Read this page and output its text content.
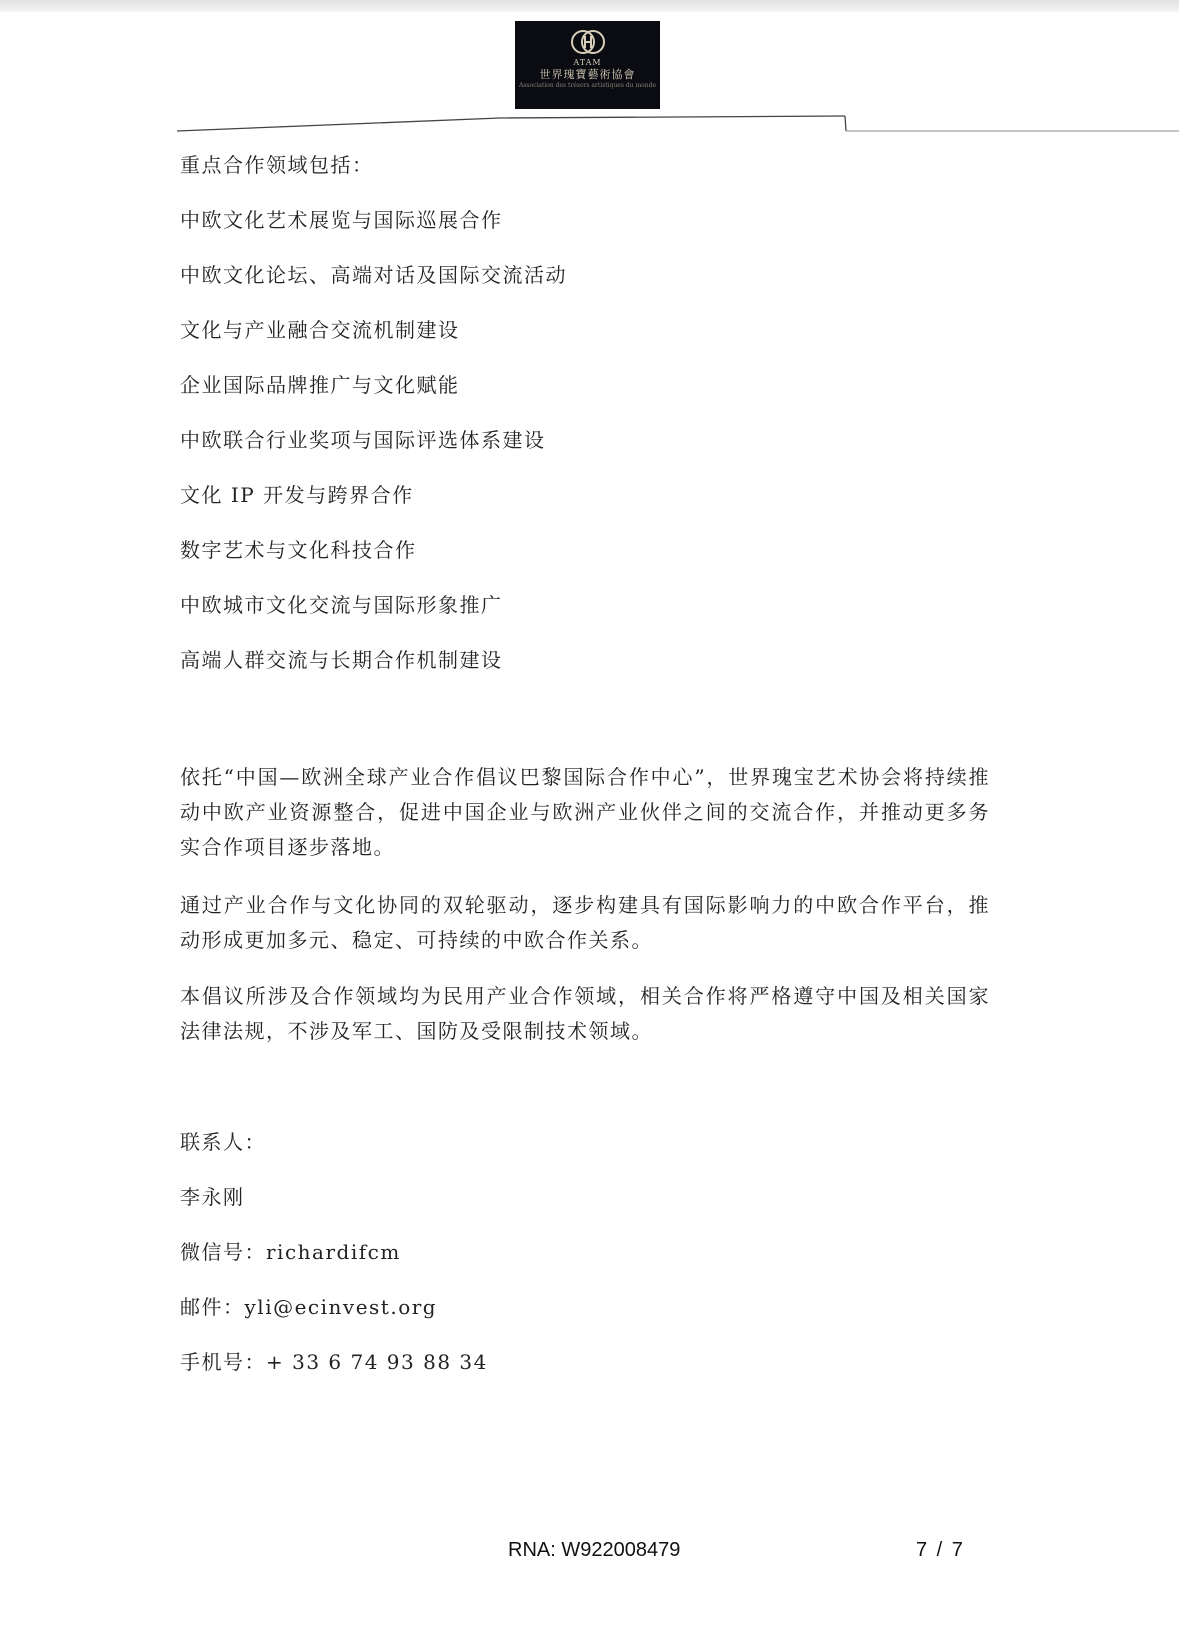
ATAM
世界瑰寶藝術協會
Association des trésors artistiques du monde
重点合作领域包括：
中欧文化艺术展览与国际巡展合作
中欧文化论坛、高端对话及国际交流活动
文化与产业融合交流机制建设
企业国际品牌推广与文化赋能
中欧联合行业奖项与国际评选体系建设
文化 IP 开发与跨界合作
数字艺术与文化科技合作
中欧城市文化交流与国际形象推广
高端人群交流与长期合作机制建设
依托“中国—欧洲全球产业合作倡议巴黎国际合作中心”，世界瑰宝艺术协会将持续推动中欧产业资源整合，促进中国企业与欧洲产业伙伴之间的交流合作，并推动更多务实合作项目逐步落地。
通过产业合作与文化协同的双轮驱动，逐步构建具有国际影响力的中欧合作平台，推动形成更加多元、稳定、可持续的中欧合作关系。
本倡议所涉及合作领域均为民用产业合作领域，相关合作将严格遵守中国及相关国家法律法规，不涉及军工、国防及受限制技术领域。
联系人：
李永刚
微信号：richardifcm
邮件：yli@ecinvest.org
手机号：+ 33 6 74 93 88 34
RNA: W922008479	7 / 7
